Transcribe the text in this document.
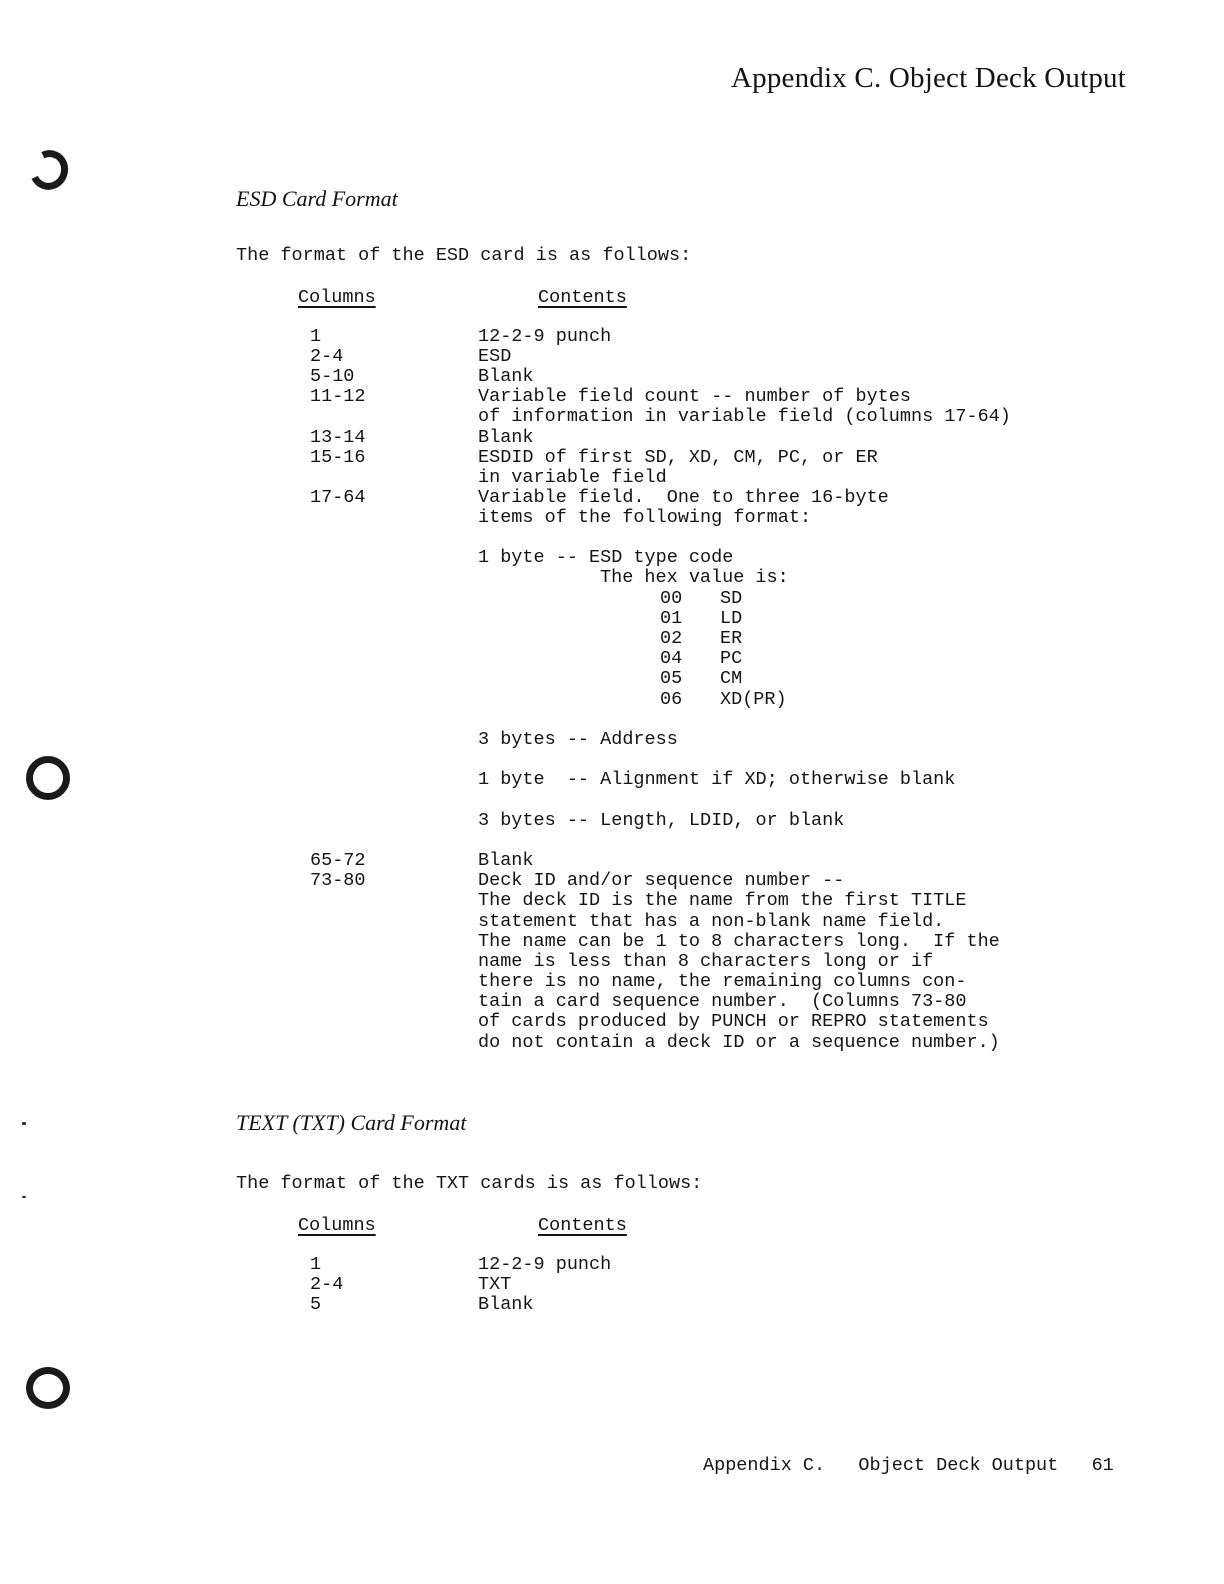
Appendix C. Object Deck Output
ESD Card Format
The format of the ESD card is as follows:
Columns	Contents
1	12-2-9 punch
2-4	ESD
5-10	Blank
11-12	Variable field count -- number of bytes
of information in variable field (columns 17-64)
13-14	Blank
15-16	ESDID of first SD, XD, CM, PC, or ER
in variable field
17-64	Variable field.  One to three 16-byte
items of the following format:
1 byte -- ESD type code
The hex value is:
00 SD
01 LD
02 ER
04 PC
05 CM
06 XD(PR)
3 bytes -- Address
1 byte  -- Alignment if XD; otherwise blank
3 bytes -- Length, LDID, or blank
65-72	Blank
73-80	Deck ID and/or sequence number --
The deck ID is the name from the first TITLE
statement that has a non-blank name field.
The name can be 1 to 8 characters long.  If the
name is less than 8 characters long or if
there is no name, the remaining columns con-
tain a card sequence number.  (Columns 73-80
of cards produced by PUNCH or REPRO statements
do not contain a deck ID or a sequence number.)
TEXT (TXT) Card Format
The format of the TXT cards is as follows:
Columns	Contents
1	12-2-9 punch
2-4	TXT
5	Blank
Appendix C.   Object Deck Output 61
